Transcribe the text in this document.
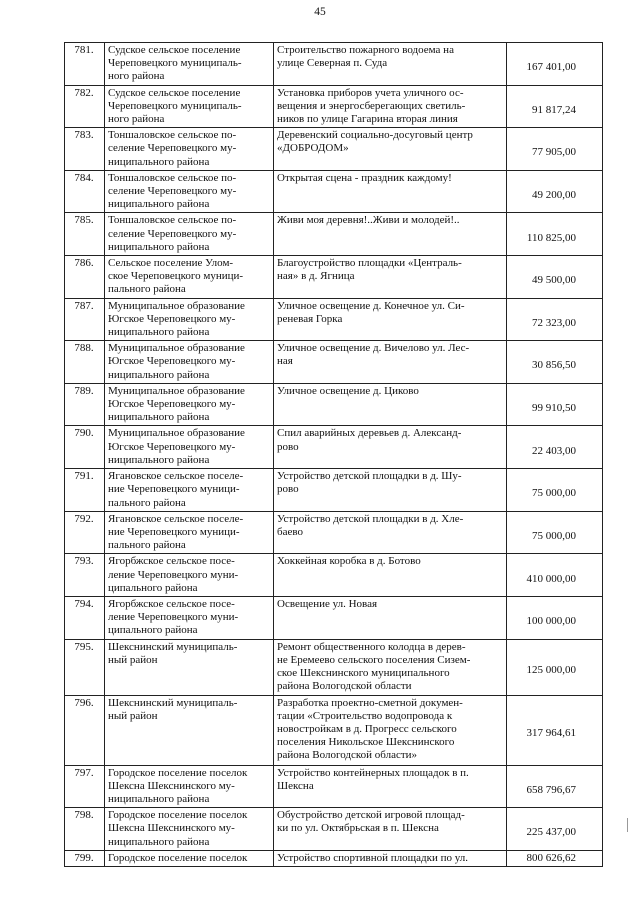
45
781.	Судское сельское поселение
Череповецкого муниципаль-
ного района	Строительство пожарного водоема на
улице Северная п. Суда	167 401,00

782.	Судское сельское поселение
Череповецкого муниципаль-
ного района	Установка приборов учета уличного ос-
вещения и энергосберегающих светиль-
ников по улице Гагарина вторая линия	91 817,24

783.	Тоншаловское сельское по-
селение Череповецкого му-
ниципального района	Деревенский социально-досуговый центр
«ДОБРОДОМ»	77 905,00

784.	Тоншаловское сельское по-
селение Череповецкого му-
ниципального района	Открытая сцена - праздник каждому!	49 200,00

785.	Тоншаловское сельское по-
селение Череповецкого му-
ниципального района	Живи моя деревня!..Живи и молодей!..	110 825,00

786.	Сельское поселение Улом-
ское Череповецкого муници-
пального района	Благоустройство площадки «Централь-
ная» в д. Ягница	49 500,00

787.	Муниципальное образование
Югское Череповецкого му-
ниципального района	Уличное освещение д. Конечное ул. Си-
реневая Горка	72 323,00

788.	Муниципальное образование
Югское Череповецкого му-
ниципального района	Уличное освещение д. Вичелово ул. Лес-
ная	30 856,50

789.	Муниципальное образование
Югское Череповецкого му-
ниципального района	Уличное освещение д. Циково	99 910,50

790.	Муниципальное образование
Югское Череповецкого му-
ниципального района	Спил аварийных деревьев д. Александ-
рово	22 403,00

791.	Ягановское сельское поселе-
ние Череповецкого муници-
пального района	Устройство детской площадки в д. Шу-
рово	75 000,00

792.	Ягановское сельское поселе-
ние Череповецкого муници-
пального района	Устройство детской площадки в д. Хле-
баево	75 000,00

793.	Ягорбжское сельское посе-
ление Череповецкого муни-
ципального района	Хоккейная коробка в д. Ботово	410 000,00

794.	Ягорбжское сельское посе-
ление Череповецкого муни-
ципального района	Освещение ул. Новая	100 000,00

795.	Шекснинский муниципаль-
ный район	Ремонт общественного колодца в дерев-
не Еремеево сельского поселения Сизем-
ское Шекснинского муниципального
района Вологодской области	125 000,00

796.	Шекснинский муниципаль-
ный район	Разработка проектно-сметной докумен-
тации «Строительство водопровода к
новостройкам в д. Прогресс сельского
поселения Никольское Шекснинского
района Вологодской области»	317 964,61

797.	Городское поселение поселок
Шексна Шекснинского му-
ниципального района	Устройство контейнерных площадок в п.
Шексна	658 796,67

798.	Городское поселение поселок
Шексна Шекснинского му-
ниципального района	Обустройство детской игровой площад-
ки по ул. Октябрьская в п. Шексна	225 437,00

799.	Городское поселение поселок	Устройство спортивной площадки по ул.	800 626,62
